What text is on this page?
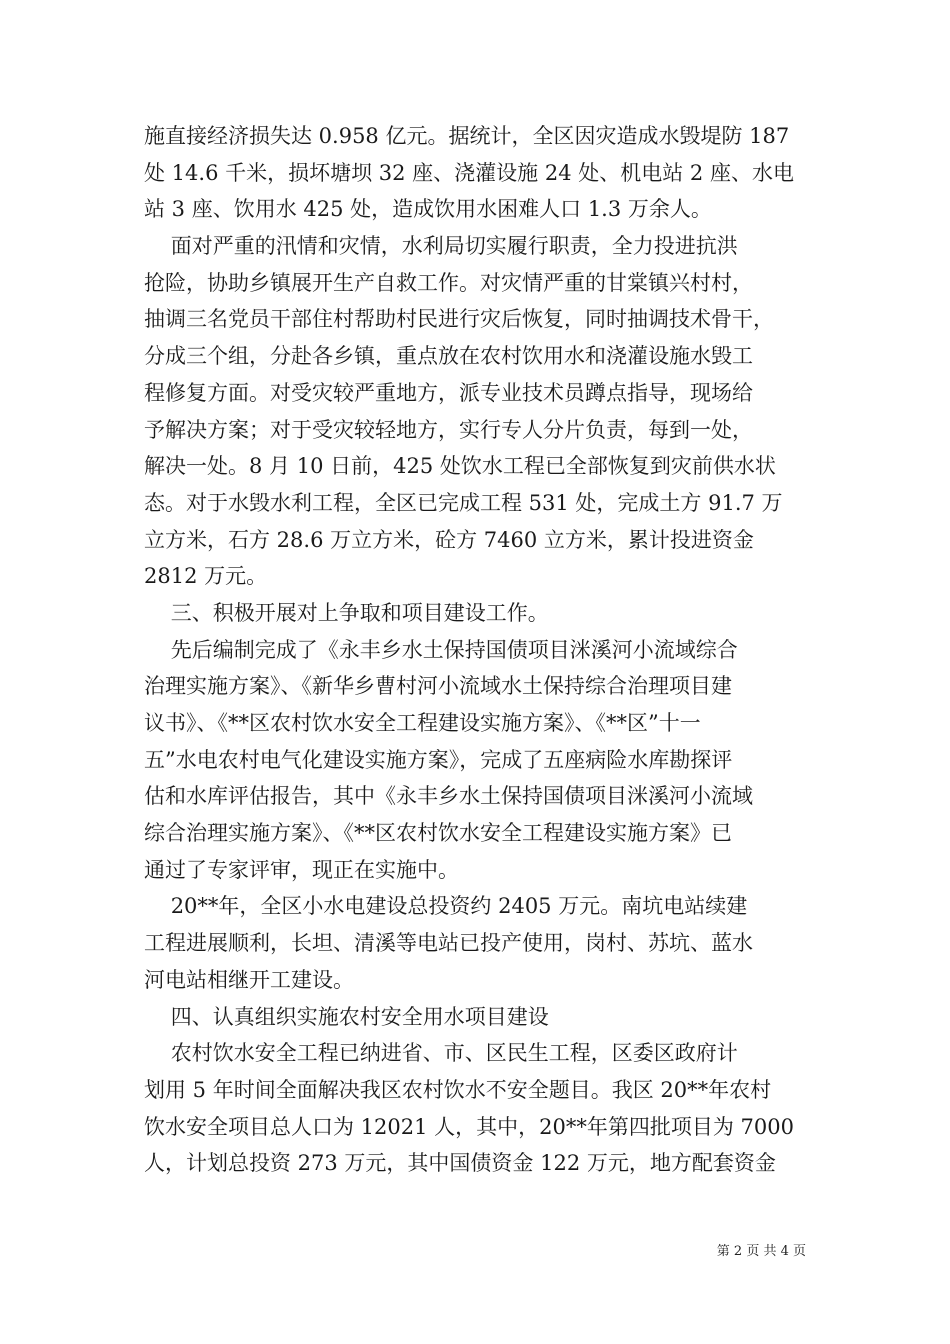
施直接经济损失达 0.958 亿元。据统计，全区因灾造成水毁堤防 187
处 14.6 千米，损坏塘坝 32 座、浇灌设施 24 处、机电站 2 座、水电
站 3 座、饮用水 425 处，造成饮用水困难人口 1.3 万余人。
面对严重的汛情和灾情，水利局切实履行职责，全力投进抗洪
抢险，协助乡镇展开生产自救工作。对灾情严重的甘棠镇兴村村，
抽调三名党员干部住村帮助村民进行灾后恢复，同时抽调技术骨干，
分成三个组，分赴各乡镇，重点放在农村饮用水和浇灌设施水毁工
程修复方面。对受灾较严重地方，派专业技术员蹲点指导，现场给
予解决方案；对于受灾较轻地方，实行专人分片负责，每到一处，
解决一处。8 月 10 日前，425 处饮水工程已全部恢复到灾前供水状
态。对于水毁水利工程，全区已完成工程 531 处，完成土方 91.7 万
立方米，石方 28.6 万立方米，砼方 7460 立方米，累计投进资金
2812 万元。
三、积极开展对上争取和项目建设工作。
先后编制完成了《永丰乡水土保持国债项目洣溪河小流域综合
治理实施方案》、《新华乡曹村河小流域水土保持综合治理项目建
议书》、《**区农村饮水安全工程建设实施方案》、《**区”十一
五”水电农村电气化建设实施方案》，完成了五座病险水库勘探评
估和水库评估报告，其中《永丰乡水土保持国债项目洣溪河小流域
综合治理实施方案》、《**区农村饮水安全工程建设实施方案》已
通过了专家评审，现正在实施中。
20**年，全区小水电建设总投资约 2405 万元。南坑电站续建
工程进展顺利，长坦、清溪等电站已投产使用，岗村、苏坑、蓝水
河电站相继开工建设。
四、认真组织实施农村安全用水项目建设
农村饮水安全工程已纳进省、市、区民生工程，区委区政府计
划用 5 年时间全面解决我区农村饮水不安全题目。我区 20**年农村
饮水安全项目总人口为 12021 人，其中，20**年第四批项目为 7000
人，计划总投资 273 万元，其中国债资金 122 万元，地方配套资金
第 2 页 共 4 页
